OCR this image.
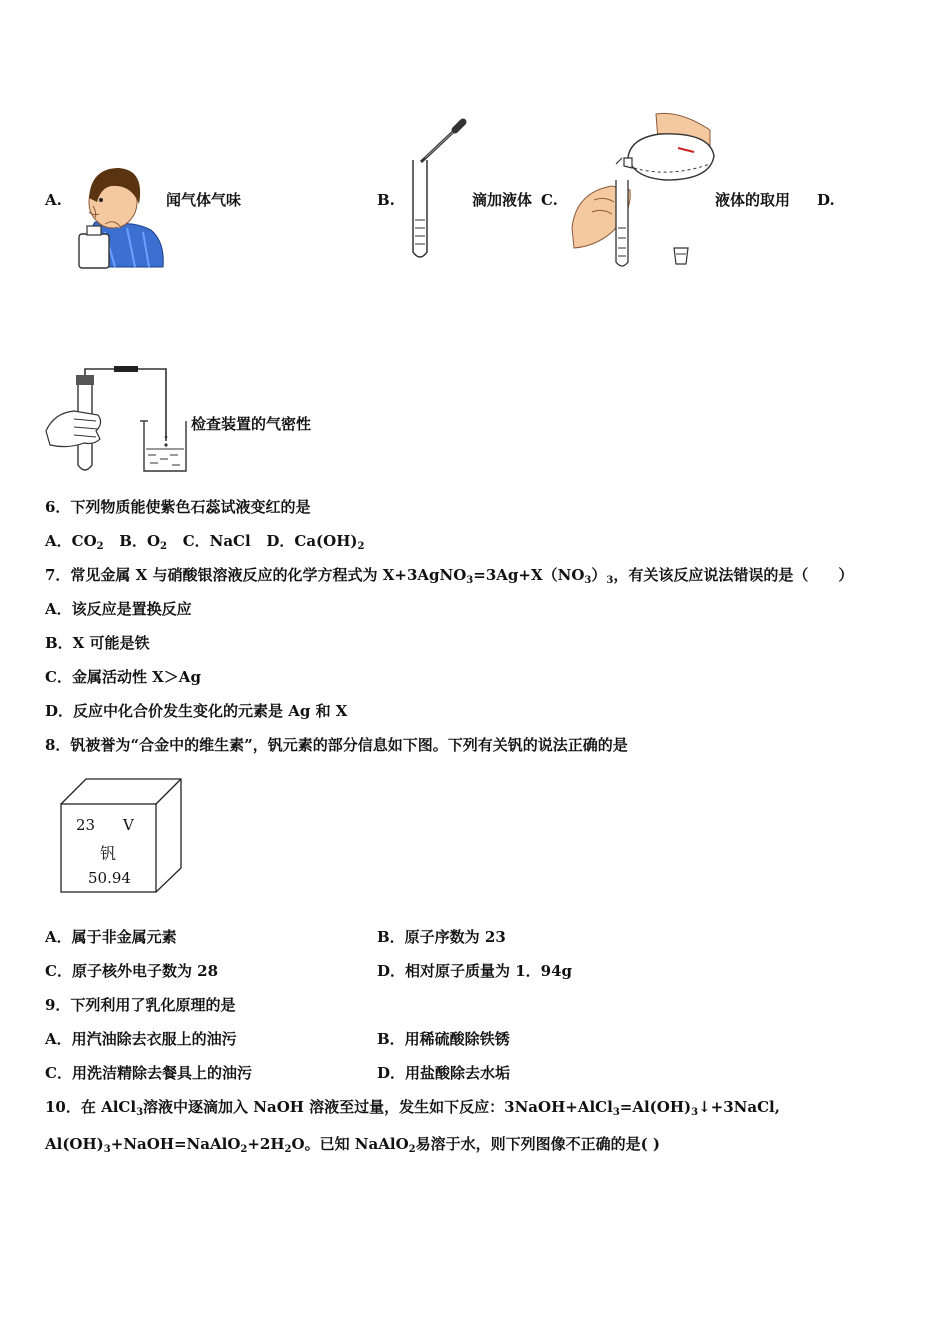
A.	闻气体气味	B.	滴加液体 C.	液体的取用 D.
检查装置的气密性
6．下列物质能使紫色石蕊试液变红的是
A．$CO_2$ B．$O_2$ C．NaCl D．$Ca(OH)_2$
7．常见金属 X 与硝酸银溶液反应的化学方程式为 $X+3AgNO_3=3Ag+X(NO_3)_3$，有关该反应说法错误的是（　　）
A．该反应是置换反应
B．X 可能是铁
C．金属活动性 X＞Ag
D．反应中化合价发生变化的元素是 Ag 和 X
8．钒被誉为“合金中的维生素”，钒元素的部分信息如下图。下列有关钒的说法正确的是
23 V
钒
50.94
A．属于非金属元素	B．原子序数为 23
C．原子核外电子数为 28	D．相对原子质量为 1．94g
9．下列利用了乳化原理的是
A．用汽油除去衣服上的油污	B．用稀硫酸除铁锈
C．用洗洁精除去餐具上的油污	D．用盐酸除去水垢
10．在 AlCl$_3$溶液中逐滴加入 NaOH 溶液至过量，发生如下反应：$3NaOH+AlCl_3=Al(OH)_3↓+3NaCl$,
$Al(OH)_3+NaOH=NaAlO_2+2H_2O$。已知 NaAlO$_2$易溶于水，则下列图像不正确的是( )
